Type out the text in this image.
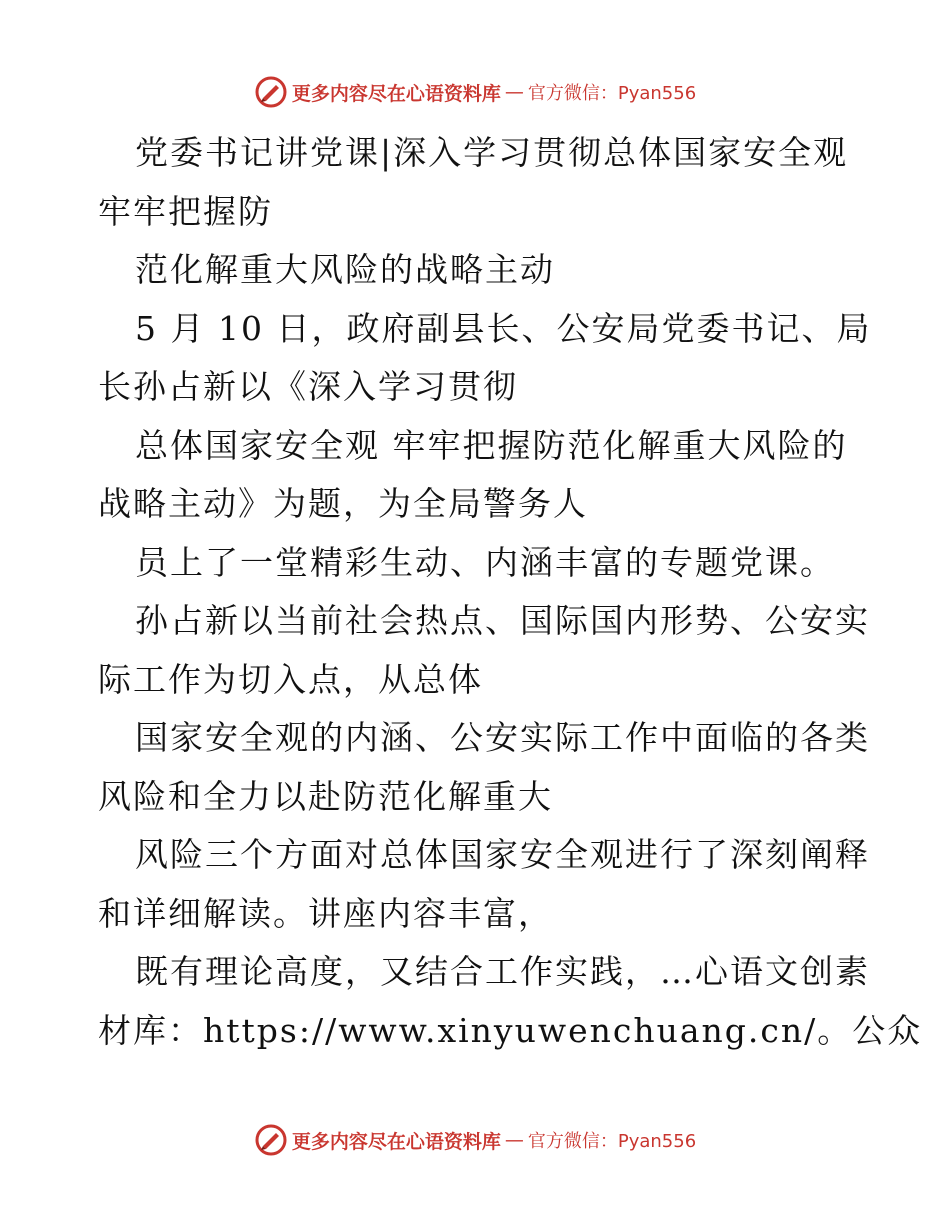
更多内容尽在心语资料库 — 官方微信：Pyan556
党委书记讲党课|深入学习贯彻总体国家安全观
牢牢把握防
范化解重大风险的战略主动
5 月 10 日，政府副县长、公安局党委书记、局
长孙占新以《深入学习贯彻
总体国家安全观 牢牢把握防范化解重大风险的
战略主动》为题，为全局警务人
员上了一堂精彩生动、内涵丰富的专题党课。
孙占新以当前社会热点、国际国内形势、公安实
际工作为切入点，从总体
国家安全观的内涵、公安实际工作中面临的各类
风险和全力以赴防范化解重大
风险三个方面对总体国家安全观进行了深刻阐释
和详细解读。讲座内容丰富，
既有理论高度，又结合工作实践，…心语文创素
材库：https://www.xinyuwenchuang.cn/。公众
更多内容尽在心语资料库 — 官方微信：Pyan556
